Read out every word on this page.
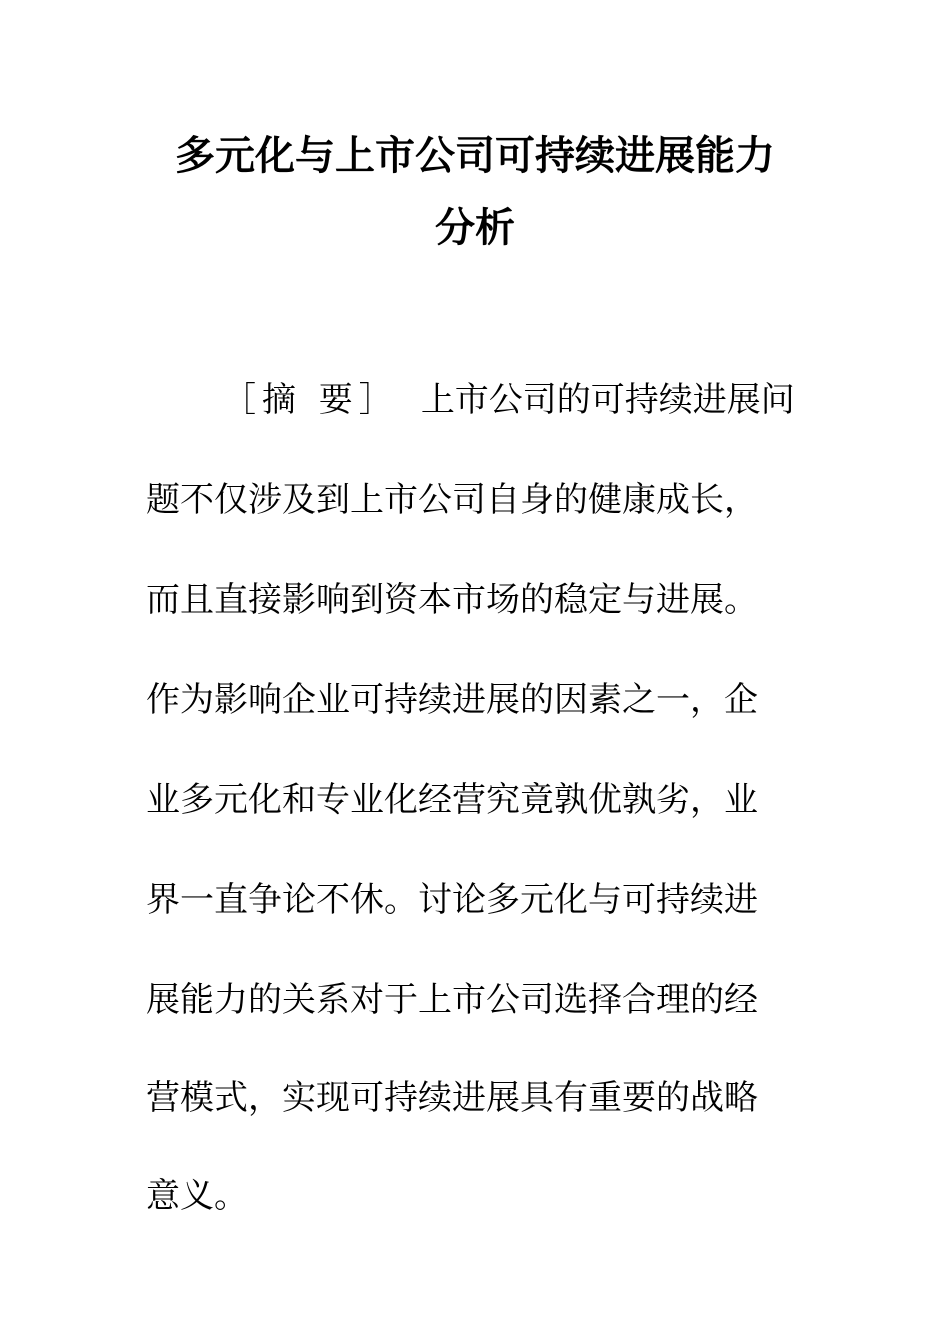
多元化与上市公司可持续进展能力
分析
［摘 要］ 上市公司的可持续进展问
题不仅涉及到上市公司自身的健康成长，
而且直接影响到资本市场的稳定与进展。
作为影响企业可持续进展的因素之一，企
业多元化和专业化经营究竟孰优孰劣，业
界一直争论不休。讨论多元化与可持续进
展能力的关系对于上市公司选择合理的经
营模式，实现可持续进展具有重要的战略
意义。
